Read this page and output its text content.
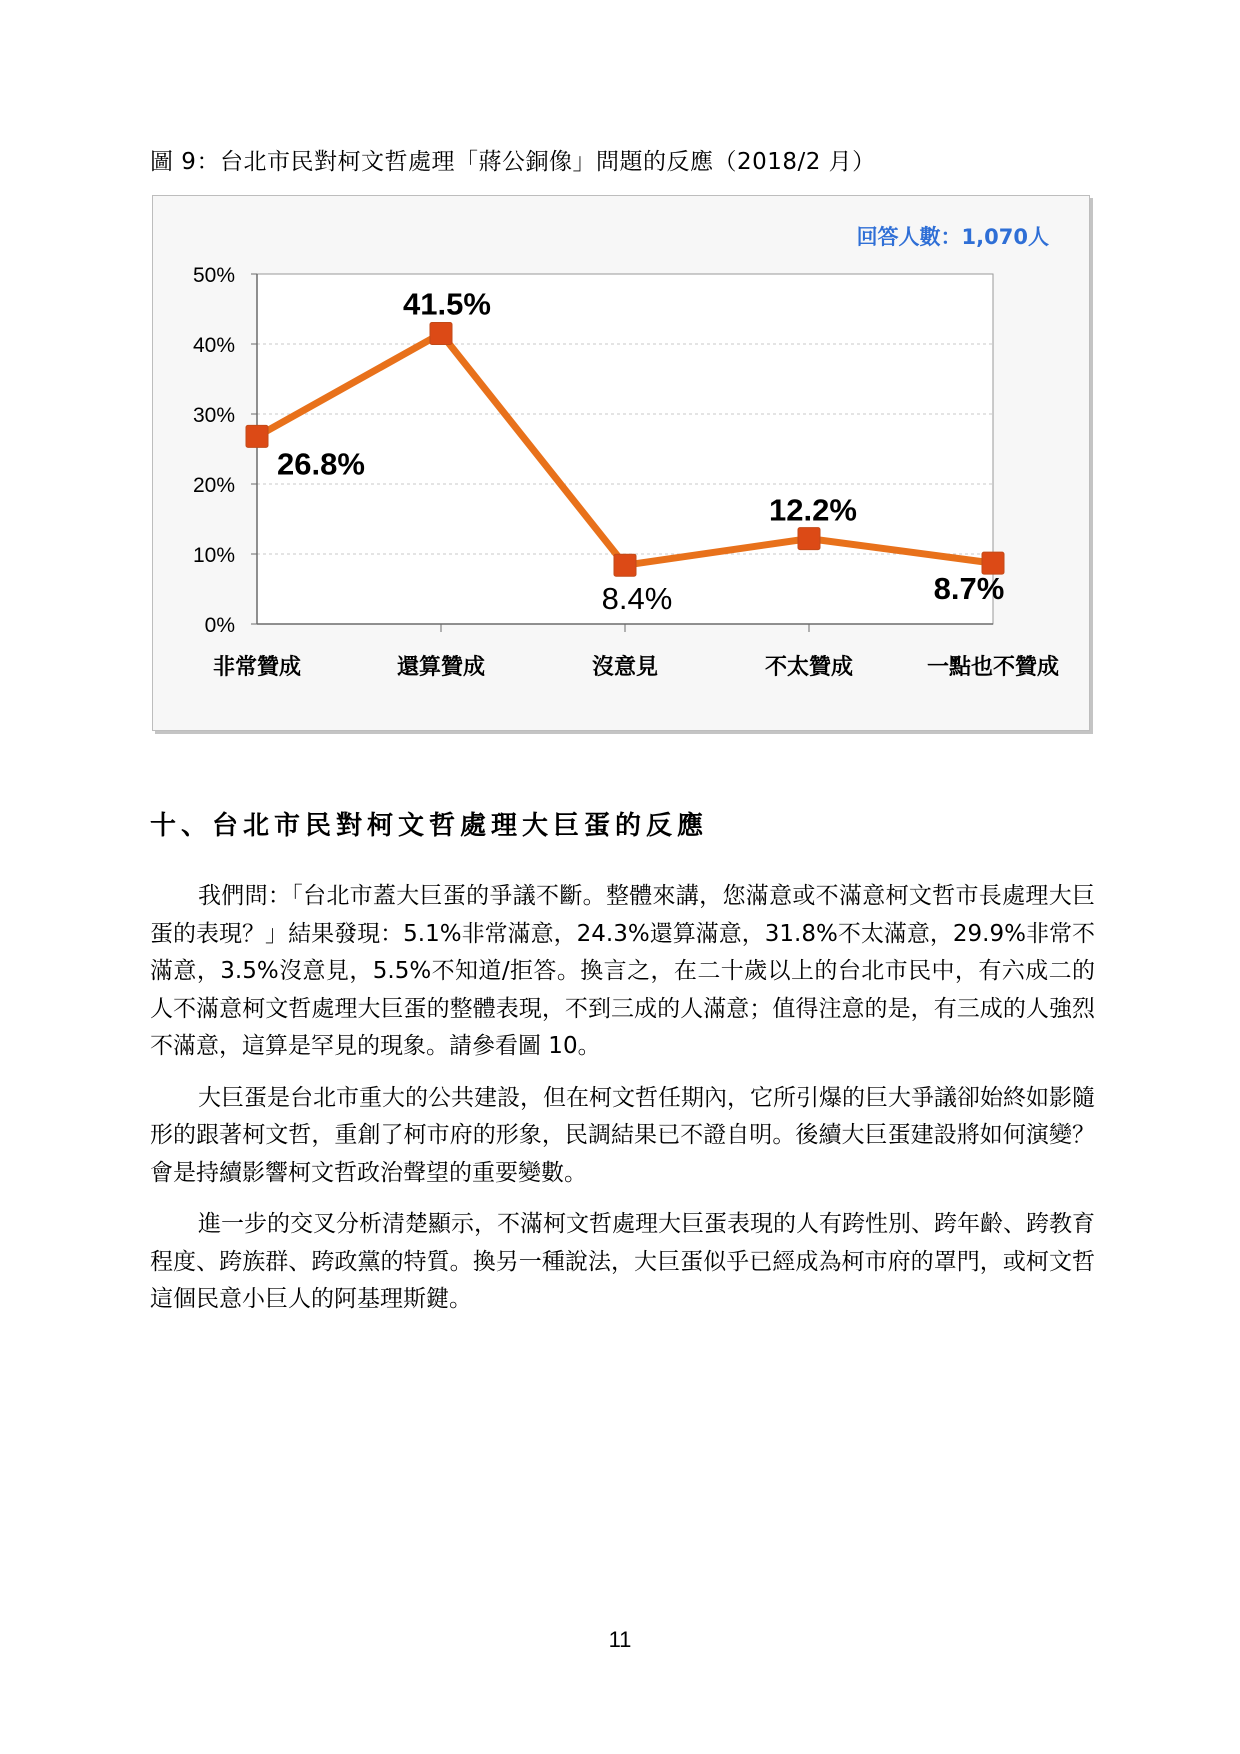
圖 9：台北市民對柯文哲處理「蔣公銅像」問題的反應（2018/2 月）
0%
10%
20%
30%
40%
50%
非常贊成	還算贊成	沒意見	不太贊成	一點也不贊成
26.8%
41.5%
8.4%
12.2%
8.7%
回答人數：1,070人
十、台北市民對柯文哲處理大巨蛋的反應

我們問：「台北市蓋大巨蛋的爭議不斷。整體來講，您滿意或不滿意柯文哲市長處理大巨蛋的表現？」結果發現：5.1%非常滿意，24.3%還算滿意，31.8%不太滿意，29.9%非常不滿意，3.5%沒意見，5.5%不知道/拒答。換言之，在二十歲以上的台北市民中，有六成二的人不滿意柯文哲處理大巨蛋的整體表現，不到三成的人滿意；值得注意的是，有三成的人強烈不滿意，這算是罕見的現象。請參看圖 10。

大巨蛋是台北市重大的公共建設，但在柯文哲任期內，它所引爆的巨大爭議卻始終如影隨形的跟著柯文哲，重創了柯市府的形象，民調結果已不證自明。後續大巨蛋建設將如何演變？會是持續影響柯文哲政治聲望的重要變數。

進一步的交叉分析清楚顯示，不滿柯文哲處理大巨蛋表現的人有跨性別、跨年齡、跨教育程度、跨族群、跨政黨的特質。換另一種說法，大巨蛋似乎已經成為柯市府的罩門，或柯文哲這個民意小巨人的阿基理斯鍵。

11
